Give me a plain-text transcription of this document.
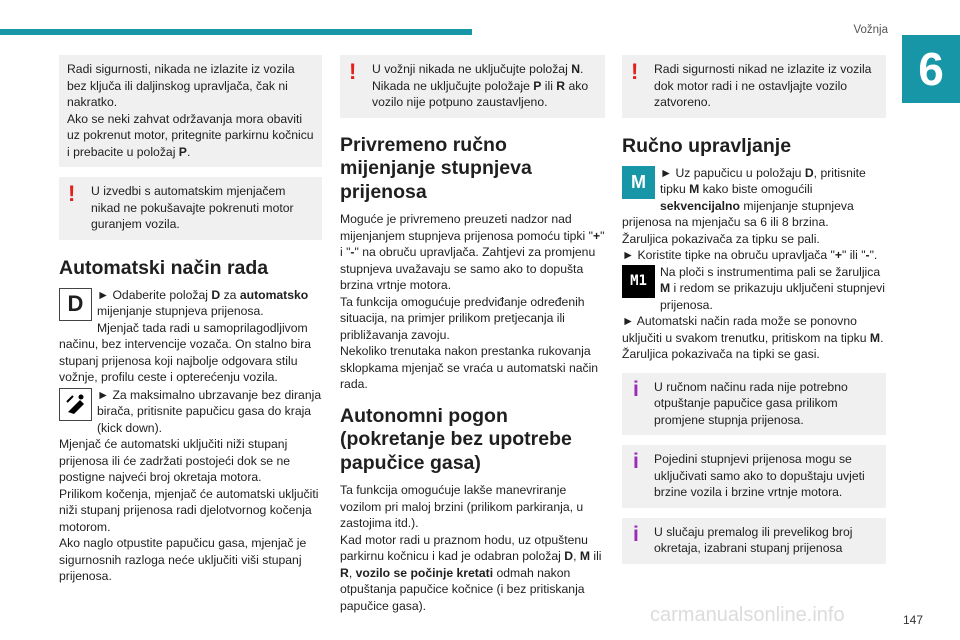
Vožnja
6

Radi sigurnosti, nikada ne izlazite iz vozila bez ključa ili daljinskog upravljača, čak ni nakratko.

Ako se neki zahvat održavanja mora obaviti uz pokrenut motor, pritegnite parkirnu kočnicu i prebacite u položaj P.

! U izvedbi s automatskim mjenjačem nikad ne pokušavajte pokrenuti motor guranjem vozila.

Automatski način rada
D	► Odaberite položaj D za automatsko mijenjanje stupnjeva prijenosa.

Mjenjač tada radi u samoprilagodljivom načinu, bez intervencije vozača. On stalno bira stupanj prijenosa koji najbolje odgovara stilu vožnje, profilu ceste i opterećenju vozila.

► Za maksimalno ubrzavanje bez diranja birača, pritisnite papučicu gasa do kraja (kick down).

Mjenjač će automatski uključiti niži stupanj prijenosa ili će zadržati postojeći dok se ne postigne najveći broj okretaja motora.

Prilikom kočenja, mjenjač će automatski uključiti niži stupanj prijenosa radi djelotvornog kočenja motorom.

Ako naglo otpustite papučicu gasa, mjenjač je sigurnosnih razloga neće uključiti viši stupanj prijenosa.

! U vožnji nikada ne uključujte položaj N. Nikada ne uključujte položaje P ili R ako vozilo nije potpuno zaustavljeno.

Privremeno ručno mijenjanje stupnjeva prijenosa

Moguće je privremeno preuzeti nadzor nad mijenjanjem stupnjeva prijenosa pomoću tipki "+" i "-" na obruču upravljača. Zahtjevi za promjenu stupnjeva uvažavaju se samo ako to dopušta brzina vrtnje motora.

Ta funkcija omogućuje predviđanje određenih situacija, na primjer prilikom pretjecanja ili približavanja zavoju.

Nekoliko trenutaka nakon prestanka rukovanja sklopkama mjenjač se vraća u automatski način rada.

Autonomni pogon (pokretanje bez upotrebe papučice gasa)

Ta funkcija omogućuje lakše manevriranje vozilom pri maloj brzini (prilikom parkiranja, u zastojima itd.).

Kad motor radi u praznom hodu, uz otpuštenu parkirnu kočnicu i kad je odabran položaj D, M ili R, vozilo se počinje kretati odmah nakon otpuštanja papučice kočnice (i bez pritiskanja papučice gasa).

! Radi sigurnosti nikad ne izlazite iz vozila dok motor radi i ne ostavljajte vozilo zatvoreno.

Ručno upravljanje
M	► Uz papučicu u položaju D, pritisnite tipku M kako biste omogućili sekvencijalno mijenjanje stupnjeva prijenosa na mjenjaču sa 6 ili 8 brzina.

Žaruljica pokazivača za tipku se pali.

► Koristite tipke na obruču upravljača "+" ili "-".

M1

Na ploči s instrumentima pali se žaruljica M i redom se prikazuju uključeni stupnjevi prijenosa.

► Automatski način rada može se ponovno uključiti u svakom trenutku, pritiskom na tipku M.

Žaruljica pokazivača na tipki se gasi.

i U ručnom načinu rada nije potrebno otpuštanje papučice gasa prilikom promjene stupnja prijenosa.

i Pojedini stupnjevi prijenosa mogu se uključivati samo ako to dopuštaju uvjeti brzine vozila i brzine vrtnje motora.

i U slučaju premalog ili prevelikog broj okretaja, izabrani stupanj prijenosa

carmanualsonline.info	147
